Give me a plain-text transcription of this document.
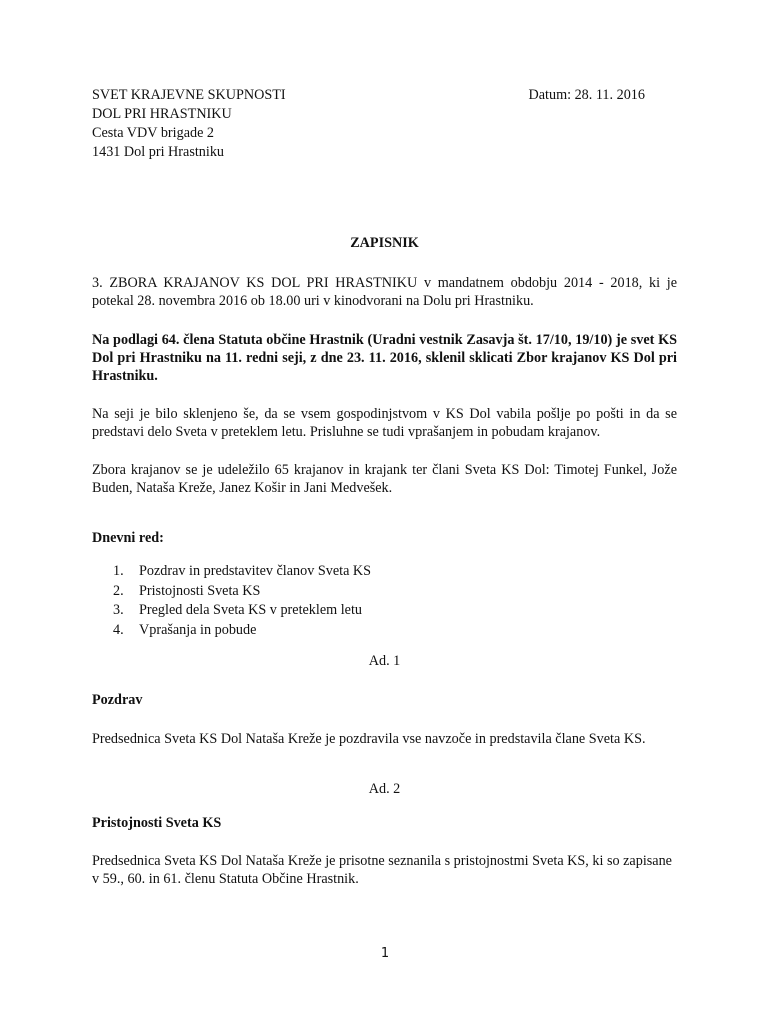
SVET KRAJEVNE SKUPNOSTI
DOL PRI HRASTNIKU
Cesta VDV brigade 2
1431 Dol pri Hrastniku
Datum: 28. 11. 2016
ZAPISNIK

3. ZBORA KRAJANOV KS DOL PRI HRASTNIKU v mandatnem obdobju 2014 - 2018, ki je potekal 28. novembra 2016 ob 18.00 uri v kinodvorani na Dolu pri Hrastniku.

Na podlagi 64. člena Statuta občine Hrastnik (Uradni vestnik Zasavja št. 17/10, 19/10) je svet KS Dol pri Hrastniku na 11. redni seji, z dne 23. 11. 2016, sklenil sklicati Zbor krajanov KS Dol pri Hrastniku.

Na seji je bilo sklenjeno še, da se vsem gospodinjstvom v KS Dol vabila pošlje po pošti in da se predstavi delo Sveta v preteklem letu. Prisluhne se tudi vprašanjem in pobudam krajanov.

Zbora krajanov se je udeležilo 65 krajanov in krajank ter člani Sveta KS Dol: Timotej Funkel, Jože Buden, Nataša Kreže, Janez Košir in Jani Medvešek.

Dnevni red:
1. Pozdrav in predstavitev članov Sveta KS
2. Pristojnosti Sveta KS
3. Pregled dela Sveta KS v preteklem letu
4. Vprašanja in pobude
Ad. 1
Pozdrav

Predsednica Sveta KS Dol Nataša Kreže je pozdravila vse navzoče in predstavila člane Sveta KS.

Ad. 2
Pristojnosti Sveta KS

Predsednica Sveta KS Dol Nataša Kreže je prisotne seznanila s pristojnostmi Sveta KS, ki so zapisane v 59., 60. in 61. členu Statuta Občine Hrastnik.

1
